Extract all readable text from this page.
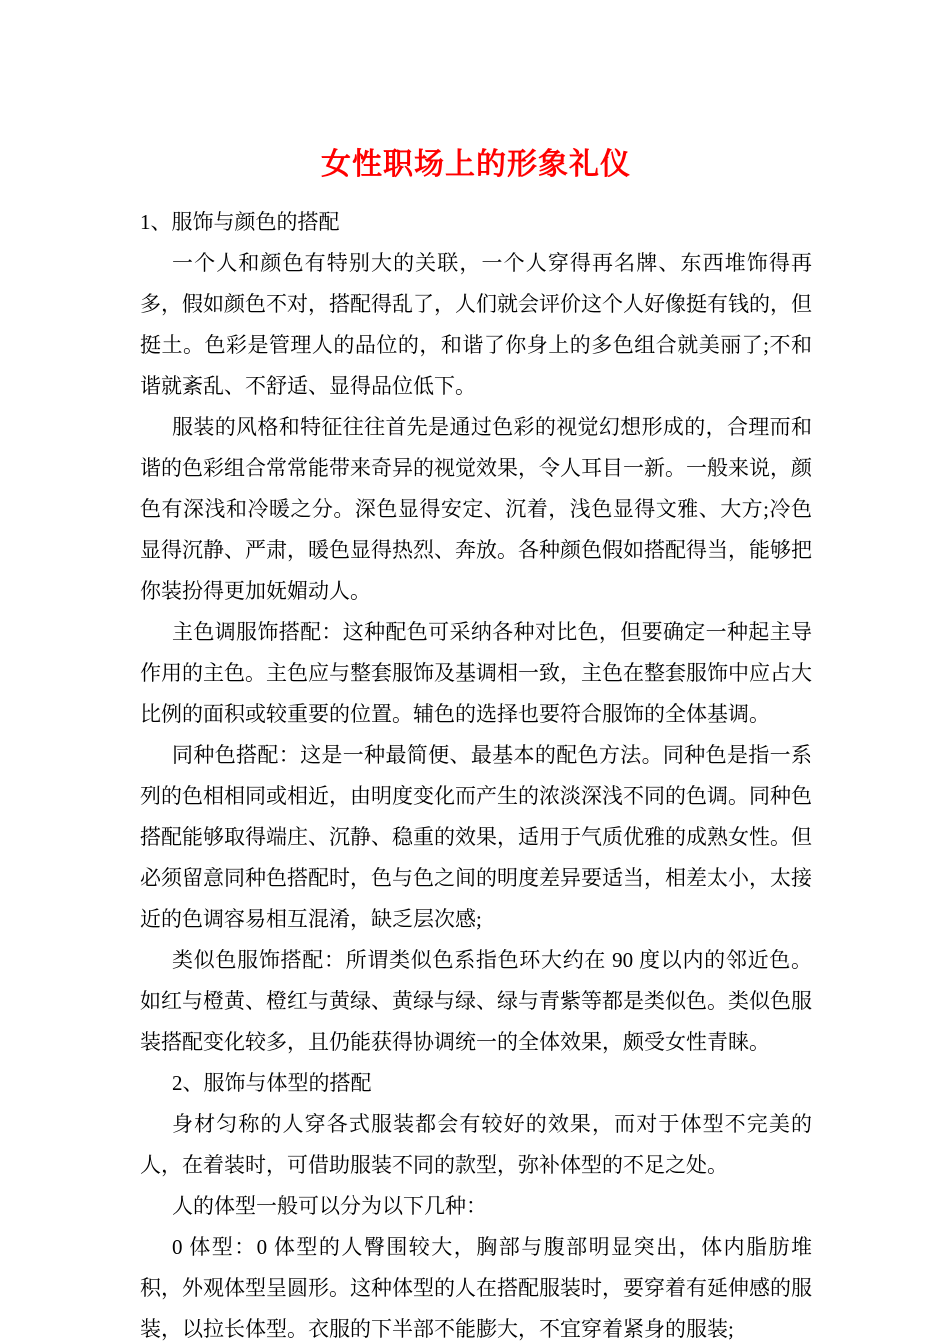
女性职场上的形象礼仪

1、服饰与颜色的搭配

一个人和颜色有特别大的关联，一个人穿得再名牌、东西堆饰得再多，假如颜色不对，搭配得乱了，人们就会评价这个人好像挺有钱的，但挺土。色彩是管理人的品位的，和谐了你身上的多色组合就美丽了;不和谐就紊乱、不舒适、显得品位低下。

服装的风格和特征往往首先是通过色彩的视觉幻想形成的，合理而和谐的色彩组合常常能带来奇异的视觉效果，令人耳目一新。一般来说，颜色有深浅和冷暖之分。深色显得安定、沉着，浅色显得文雅、大方;冷色显得沉静、严肃，暖色显得热烈、奔放。各种颜色假如搭配得当，能够把你装扮得更加妩媚动人。

主色调服饰搭配：这种配色可采纳各种对比色，但要确定一种起主导作用的主色。主色应与整套服饰及基调相一致，主色在整套服饰中应占大比例的面积或较重要的位置。辅色的选择也要符合服饰的全体基调。

同种色搭配：这是一种最简便、最基本的配色方法。同种色是指一系列的色相相同或相近，由明度变化而产生的浓淡深浅不同的色调。同种色搭配能够取得端庄、沉静、稳重的效果，适用于气质优雅的成熟女性。但必须留意同种色搭配时，色与色之间的明度差异要适当，相差太小，太接近的色调容易相互混淆，缺乏层次感;

类似色服饰搭配：所谓类似色系指色环大约在 90 度以内的邻近色。如红与橙黄、橙红与黄绿、黄绿与绿、绿与青紫等都是类似色。类似色服装搭配变化较多，且仍能获得协调统一的全体效果，颇受女性青睐。

2、服饰与体型的搭配

身材匀称的人穿各式服装都会有较好的效果，而对于体型不完美的人，在着装时，可借助服装不同的款型，弥补体型的不足之处。

人的体型一般可以分为以下几种：

0 体型：0 体型的人臀围较大，胸部与腹部明显突出，体内脂肪堆积，外观体型呈圆形。这种体型的人在搭配服装时，要穿着有延伸感的服装，以拉长体型。衣服的下半部不能膨大，不宜穿着紧身的服装;
